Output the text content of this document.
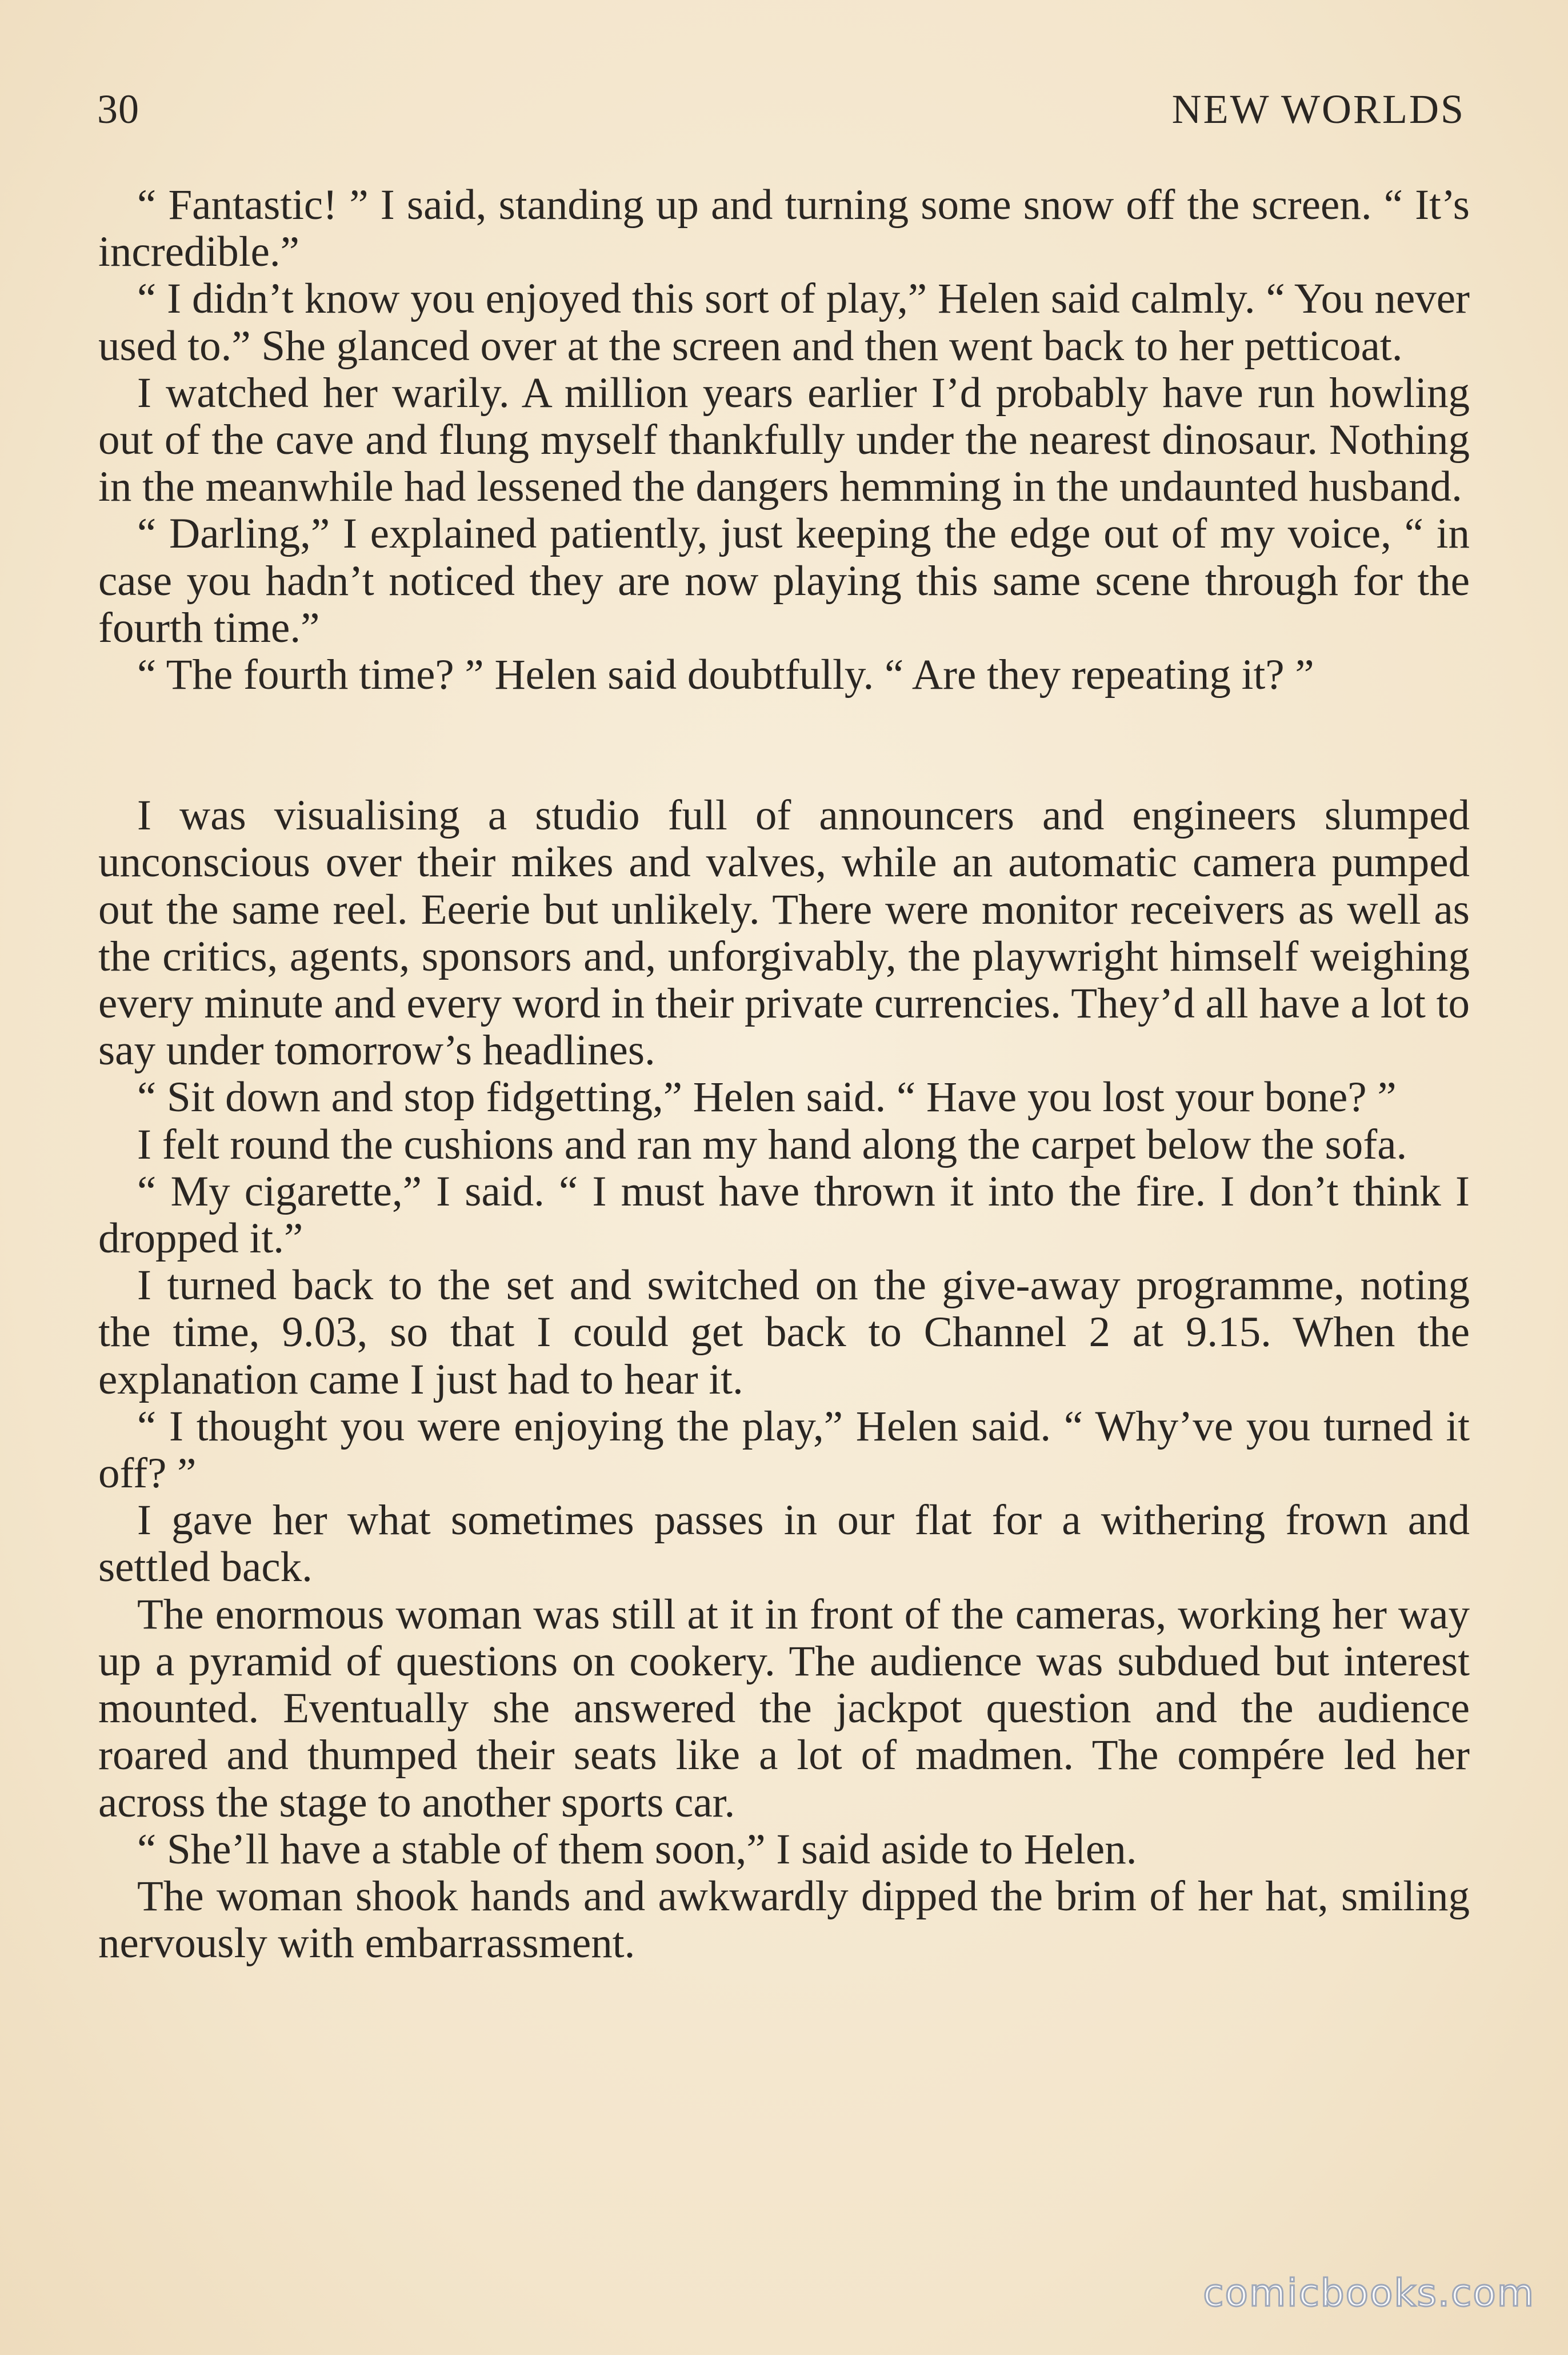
30	NEW WORLDS

“ Fantastic! ” I said, standing up and turning some snow off the screen. “ It’s incredible.”

“ I didn’t know you enjoyed this sort of play,” Helen said calmly. “ You never used to.” She glanced over at the screen and then went back to her petticoat.

I watched her warily. A million years earlier I’d probably have run howling out of the cave and flung myself thankfully under the nearest dinosaur. Nothing in the meanwhile had lessened the dangers hemming in the undaunted husband.

“ Darling,” I explained patiently, just keeping the edge out of my voice, “ in case you hadn’t noticed they are now playing this same scene through for the fourth time.”

“ The fourth time? ” Helen said doubtfully. “ Are they repeating it? ”

I was visualising a studio full of announcers and engineers slumped unconscious over their mikes and valves, while an automatic camera pumped out the same reel. Eeerie but unlikely. There were monitor receivers as well as the critics, agents, sponsors and, unforgivably, the playwright himself weighing every minute and every word in their private currencies. They’d all have a lot to say under tomorrow’s headlines.

“ Sit down and stop fidgetting,” Helen said. “ Have you lost your bone? ”

I felt round the cushions and ran my hand along the carpet below the sofa.

“ My cigarette,” I said. “ I must have thrown it into the fire. I don’t think I dropped it.”

I turned back to the set and switched on the give-away programme, noting the time, 9.03, so that I could get back to Channel 2 at 9.15. When the explanation came I just had to hear it.

“ I thought you were enjoying the play,” Helen said. “ Why’ve you turned it off? ”

I gave her what sometimes passes in our flat for a withering frown and settled back.

The enormous woman was still at it in front of the cameras, working her way up a pyramid of questions on cookery. The audience was subdued but interest mounted. Eventually she answered the jackpot question and the audience roared and thumped their seats like a lot of madmen. The compére led her across the stage to another sports car.

“ She’ll have a stable of them soon,” I said aside to Helen.

The woman shook hands and awkwardly dipped the brim of her hat, smiling nervously with embarrassment.

comicbooks.com
